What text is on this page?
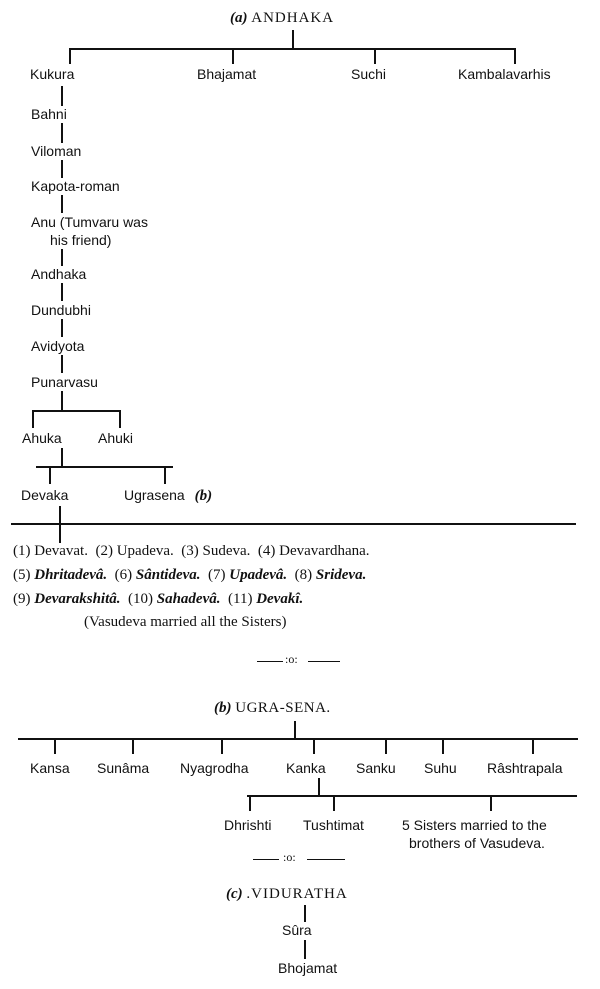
(a) ANDHAKA
Kukura	Bhajamat	Suchi	Kambalavarhis
Bahni
Viloman
Kapota-roman
Anu (Tumvaru was
his friend)
Andhaka
Dundubhi
Avidyota
Punarvasu
Ahuka	Ahuki
Devaka	Ugrasena (b)
(1) Devavat. (2) Upadeva. (3) Sudeva. (4) Devavardhana.
(5) Dhritadevâ. (6) Sântideva. (7) Upadevâ. (8) Srideva.
(9) Devarakshitâ. (10) Sahadevâ. (11) Devakî.
(Vasudeva married all the Sisters)
:o:
(b) UGRA-SENA.
Kansa Sunâma Nyagrodha	Kanka Sanku Suhu Râshtrapala
Dhrishti Tushtimat	5 Sisters married to the
brothers of Vasudeva.
:o:
(c) .VIDURATHA
Sûra
Bhojamat
